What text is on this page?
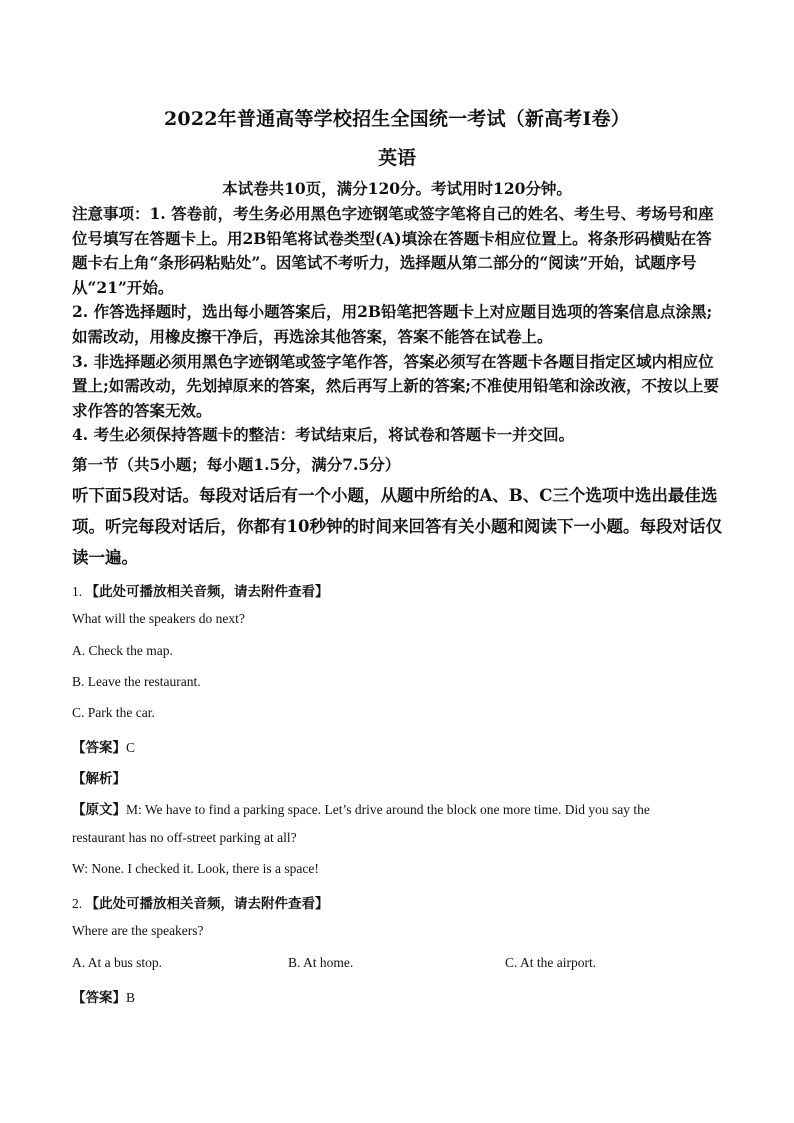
2022年普通高等学校招生全国统一考试（新高考Ⅰ卷）
英语
本试卷共10页，满分120分。考试用时120分钟。

注意事项：1. 答卷前，考生务必用黑色字迹钢笔或签字笔将自己的姓名、考生号、考场号和座位号填写在答题卡上。用2B铅笔将试卷类型(A)填涂在答题卡相应位置上。将条形码横贴在答题卡右上角“条形码粘贴处”。因笔试不考听力，选择题从第二部分的“阅读”开始，试题序号从“21”开始。

2. 作答选择题时，选出每小题答案后，用2B铅笔把答题卡上对应题目选项的答案信息点涂黑;如需改动，用橡皮擦干净后，再选涂其他答案，答案不能答在试卷上。

3. 非选择题必须用黑色字迹钢笔或签字笔作答，答案必须写在答题卡各题目指定区域内相应位置上;如需改动，先划掉原来的答案，然后再写上新的答案;不准使用铅笔和涂改液，不按以上要求作答的答案无效。

4. 考生必须保持答题卡的整洁：考试结束后，将试卷和答题卡一并交回。

第一节（共5小题；每小题1.5分，满分7.5分）
听下面5段对话。每段对话后有一个小题，从题中所给的A、B、C三个选项中选出最佳选项。听完每段对话后，你都有10秒钟的时间来回答有关小题和阅读下一小题。每段对话仅读一遍。
1. 【此处可播放相关音频，请去附件查看】
What will the speakers do next?
A. Check the map.
B. Leave the restaurant.
C. Park the car.
【答案】C
【解析】
【原文】M: We have to find a parking space. Let’s drive around the block one more time. Did you say the
restaurant has no off-street parking at all?
W: None. I checked it. Look, there is a space!
2. 【此处可播放相关音频，请去附件查看】
Where are the speakers?
A. At a bus stop.	B. At home.	C. At the airport.
【答案】B
